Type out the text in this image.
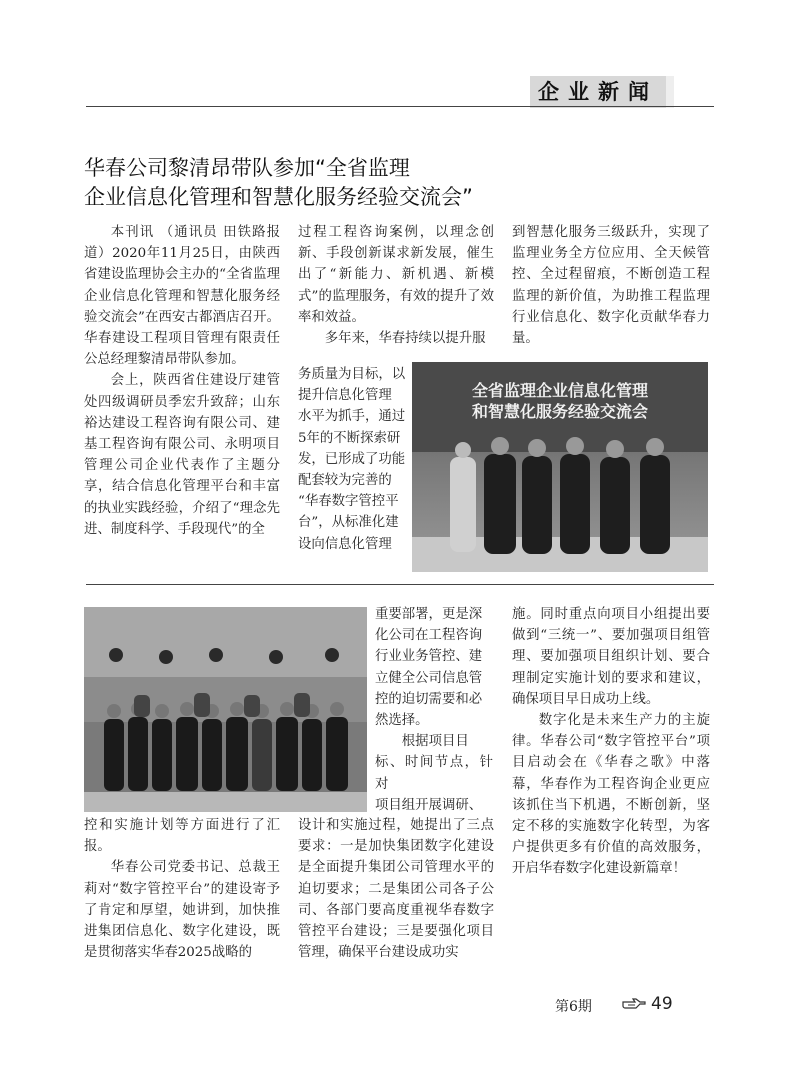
企业新闻
华春公司黎清昂带队参加“全省监理
企业信息化管理和智慧化服务经验交流会”

本刊讯 （通讯员 田铁路报道）2020年11月25日，由陕西省建设监理协会主办的“全省监理企业信息化管理和智慧化服务经验交流会”在西安古都酒店召开。华春建设工程项目管理有限责任公总经理黎清昂带队参加。

会上，陕西省住建设厅建管处四级调研员季宏升致辞；山东裕达建设工程咨询有限公司、建基工程咨询有限公司、永明项目管理公司企业代表作了主题分享，结合信息化管理平台和丰富的执业实践经验，介绍了“理念先进、制度科学、手段现代”的全

过程工程咨询案例，以理念创新、手段创新谋求新发展，催生出了“新能力、新机遇、新模式”的监理服务，有效的提升了效率和效益。

多年来，华春持续以提升服

务质量为目标，以
提升信息化管理
水平为抓手，通过
5年的不断探索研
发，已形成了功能
配套较为完善的
“华春数字管控平
台”，从标准化建
设向信息化管理

到智慧化服务三级跃升，实现了监理业务全方位应用、全天候管控、全过程留痕，不断创造工程监理的新价值，为助推工程监理行业信息化、数字化贡献华春力量。

全省监理企业信息化管理
和智慧化服务经验交流会
重要部署，更是深
化公司在工程咨询
行业业务管控、建
立健全公司信息管
控的迫切需要和必
然选择。
根据项目目
标、时间节点，针对
项目组开展调研、

控和实施计划等方面进行了汇报。

华春公司党委书记、总裁王莉对“数字管控平台”的建设寄予了肯定和厚望，她讲到，加快推进集团信息化、数字化建设，既是贯彻落实华春2025战略的

设计和实施过程，她提出了三点要求：一是加快集团数字化建设是全面提升集团公司管理水平的迫切要求；二是集团公司各子公司、各部门要高度重视华春数字管控平台建设；三是要强化项目管理，确保平台建设成功实

施。同时重点向项目小组提出要做到“三统一”、要加强项目组管理、要加强项目组织计划、要合理制定实施计划的要求和建议，确保项目早日成功上线。

数字化是未来生产力的主旋律。华春公司“数字管控平台”项目启动会在《华春之歌》中落幕，华春作为工程咨询企业更应该抓住当下机遇，不断创新，坚定不移的实施数字化转型，为客户提供更多有价值的高效服务，开启华春数字化建设新篇章！

第6期	49
